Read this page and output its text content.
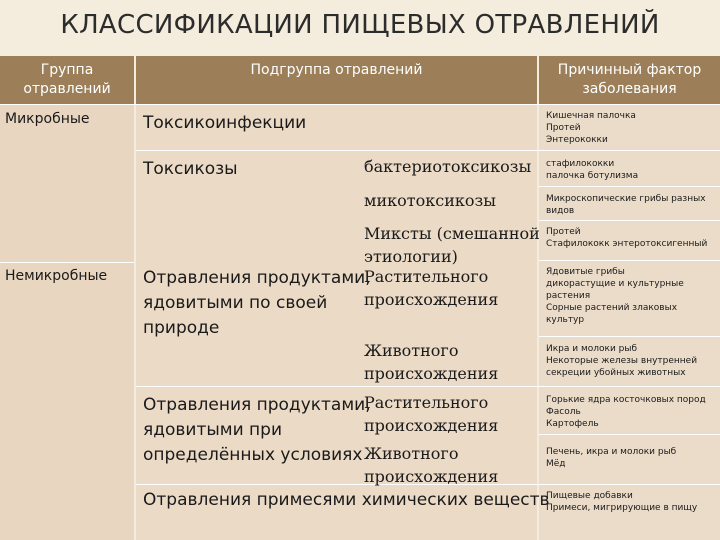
КЛАССИФИКАЦИИ ПИЩЕВЫХ ОТРАВЛЕНИЙ
Группа
отравлений
Подгруппа отравлений	Причинный фактор
заболевания
Микробные
Немикробные
Токсикоинфекции
Токсикозы	бактериотоксикозы
микотоксикозы
Миксты (смешанной
этиологии)
Отравления продуктами,
ядовитыми по своей
природе
Растительного
происхождения
Животного
происхождения
Отравления продуктами,
ядовитыми при
определённых условиях
Растительного
происхождения
Животного
происхождения
Отравления примесями химических веществ
Кишечная палочка
Протей
Энтерококки
стафилококки
палочка ботулизма
Микроскопические грибы разных
видов
Протей
Стафилококк энтеротоксигенный
Ядовитые грибы
дикорастущие и культурные
растения
Сорные растений злаковых
культур
Икра и молоки рыб
Некоторые железы внутренней
секреции убойных животных
Горькие ядра косточковых пород
Фасоль
Картофель
Печень, икра и молоки рыб
Мёд
Пищевые добавки
Примеси, мигрирующие в пищу
